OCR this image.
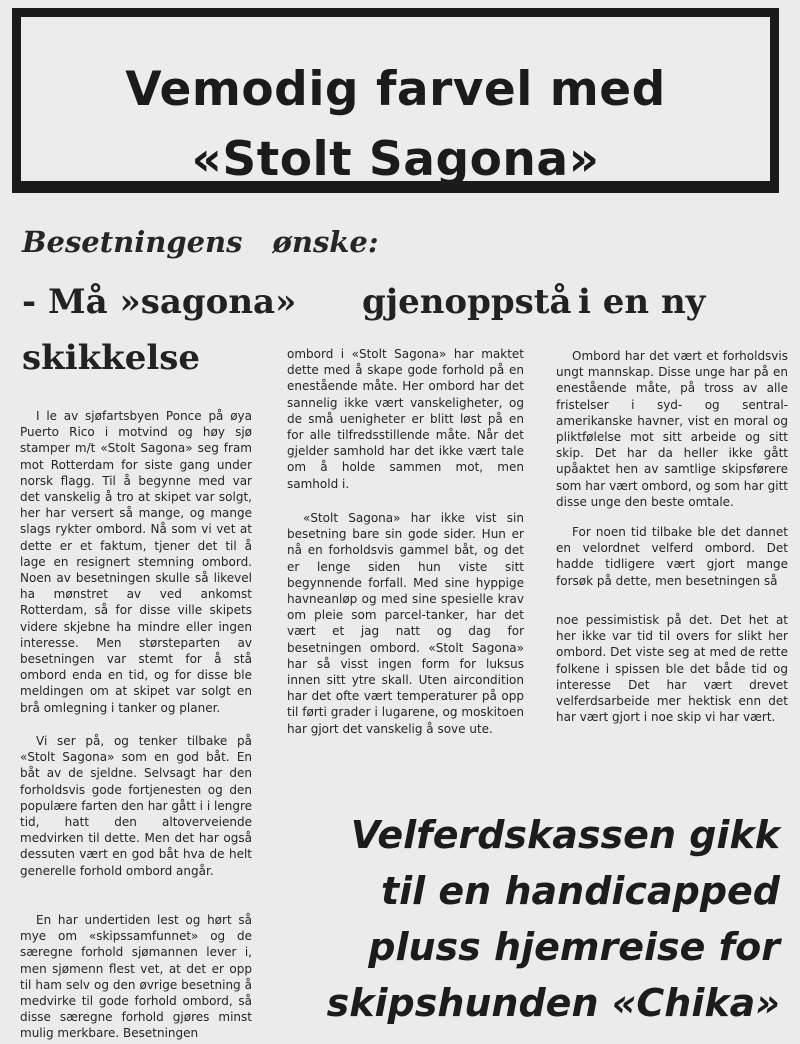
Vemodig farvel med
«Stolt Sagona»
Besetningens ønske:
- Må »sagona» gjenoppstå i en ny
skikkelse

I le av sjøfartsbyen Ponce på øya Puerto Rico i motvind og høy sjø stamper m/t «Stolt Sagona» seg fram mot Rotterdam for siste gang under norsk flagg. Til å begynne med var det vanskelig å tro at skipet var solgt, her har versert så mange, og mange slags rykter ombord. Nå som vi vet at dette er et faktum, tjener det til å lage en resignert stemning ombord. Noen av besetningen skulle så likevel ha mønstret av ved ankomst Rotterdam, så for disse ville skipets videre skjebne ha mindre eller ingen interesse. Men størsteparten av besetningen var stemt for å stå ombord enda en tid, og for disse ble meldingen om at skipet var solgt en brå omlegning i tanker og planer.

Vi ser på, og tenker tilbake på «Stolt Sagona» som en god båt. En båt av de sjeldne. Selvsagt har den forholdsvis gode fortjenesten og den populære farten den har gått i i lengre tid, hatt den altoverveiende medvirken til dette. Men det har også dessuten vært en god båt hva de helt generelle forhold ombord angår.

En har undertiden lest og hørt så mye om «skipssamfunnet» og de særegne forhold sjømannen lever i, men sjømenn flest vet, at det er opp til ham selv og den øvrige besetning å medvirke til gode forhold ombord, så disse særegne forhold gjøres minst mulig merkbare. Besetningen

ombord i «Stolt Sagona» har maktet dette med å skape gode forhold på en enestående måte. Her ombord har det sannelig ikke vært vanskeligheter, og de små uenigheter er blitt løst på en for alle tilfredsstillende måte. Når det gjelder samhold har det ikke vært tale om å holde sammen mot, men samhold i.

«Stolt Sagona» har ikke vist sin besetning bare sin gode sider. Hun er nå en forholdsvis gammel båt, og det er lenge siden hun viste sitt begynnende forfall. Med sine hyppige havneanløp og med sine spesielle krav om pleie som parcel-tanker, har det vært et jag natt og dag for besetningen ombord. «Stolt Sagona» har så visst ingen form for luksus innen sitt ytre skall. Uten aircondition har det ofte vært temperaturer på opp til førti grader i lugarene, og moskitoen har gjort det vanskelig å sove ute.

Ombord har det vært et forholdsvis ungt mannskap. Disse unge har på en enestående måte, på tross av alle fristelser i syd- og sentral-amerikanske havner, vist en moral og pliktfølelse mot sitt arbeide og sitt skip. Det har da heller ikke gått upåaktet hen av samtlige skipsførere som har vært ombord, og som har gitt disse unge den beste omtale.

For noen tid tilbake ble det dannet en velordnet velferd ombord. Det hadde tidligere vært gjort mange forsøk på dette, men besetningen så

noe pessimistisk på det. Det het at her ikke var tid til overs for slikt her ombord. Det viste seg at med de rette folkene i spissen ble det både tid og interesse Det har vært drevet velferdsarbeide mer hektisk enn det har vært gjort i noe skip vi har vært.

Velferdskassen gikk
til en handicapped
pluss hjemreise for
skipshunden «Chika»
